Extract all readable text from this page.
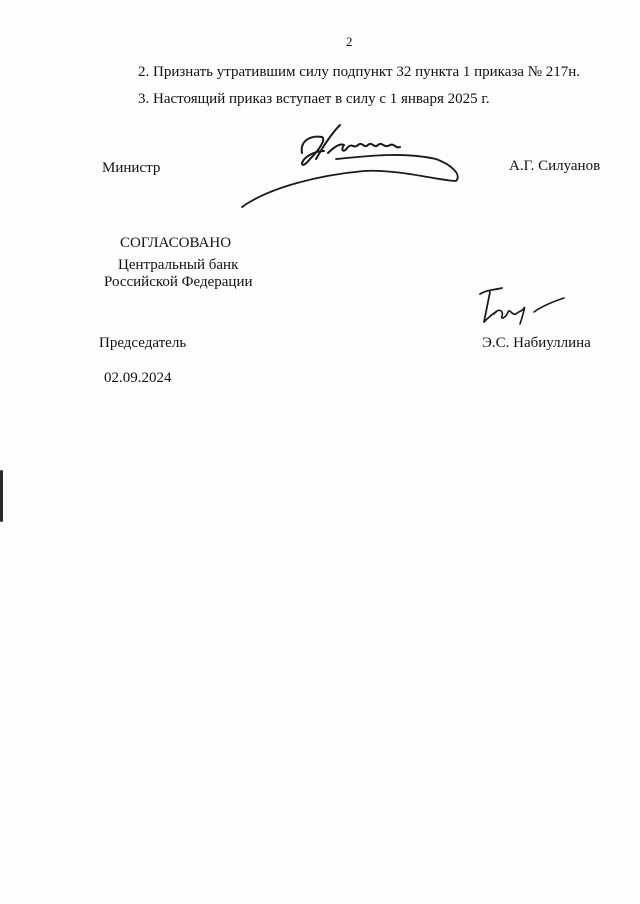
2
2. Признать утратившим силу подпункт 32 пункта 1 приказа № 217н.
3. Настоящий приказ вступает в силу с 1 января 2025 г.
Министр	А.Г. Силуанов
СОГЛАСОВАНО
Центральный банк
Российской Федерации
Председатель	Э.С. Набиуллина
02.09.2024
